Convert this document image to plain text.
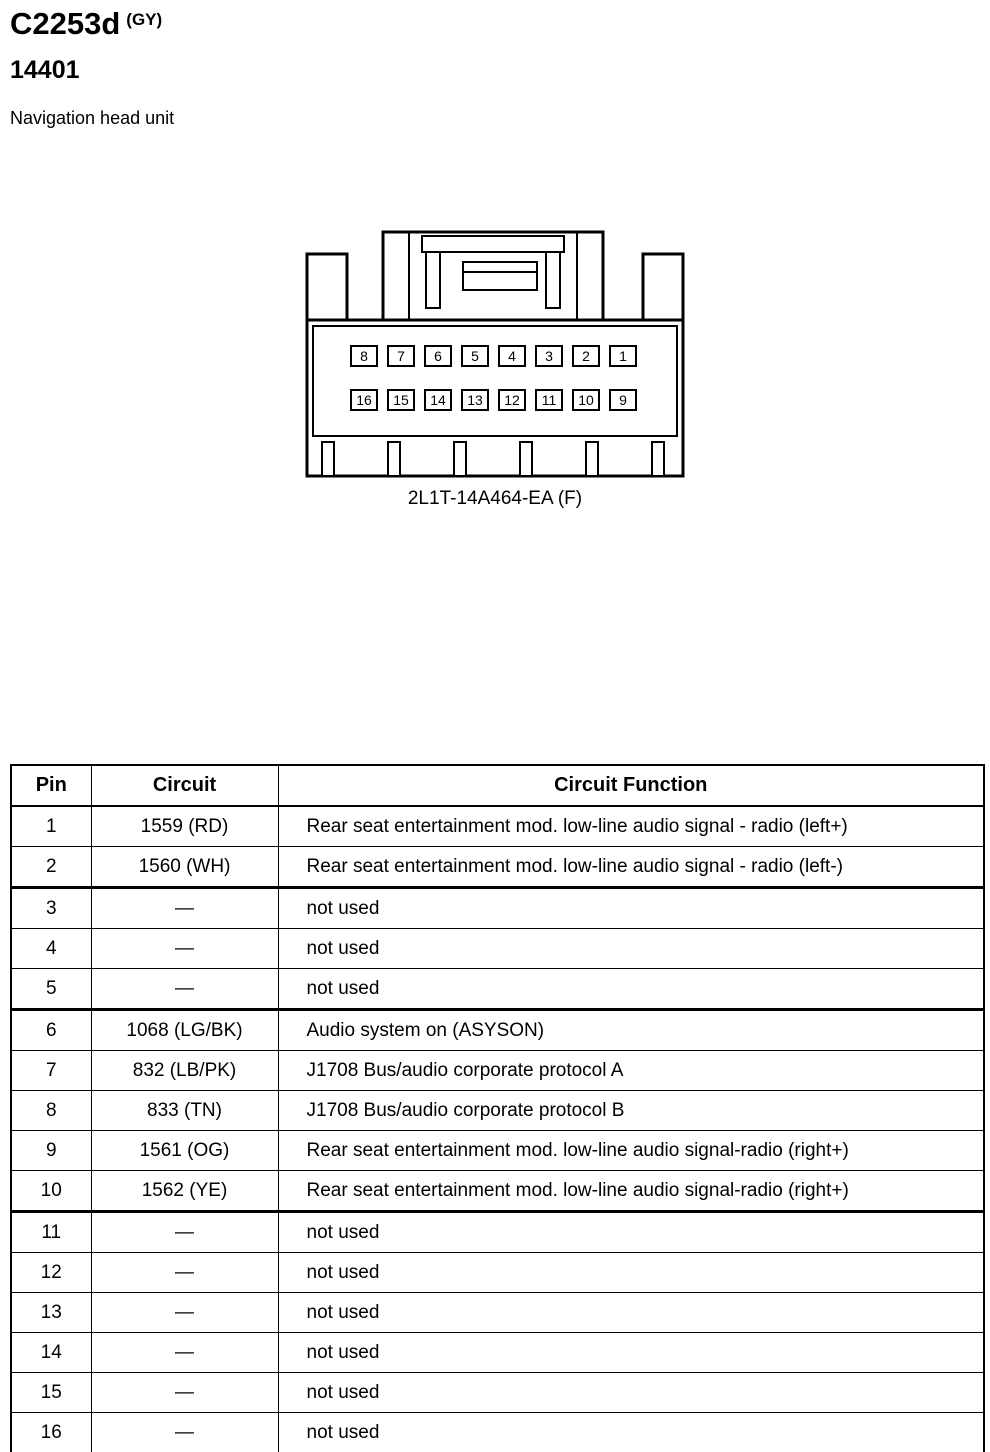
C2253d $^{(GY)}$
14401
Navigation head unit
8 7 6 5 4 3 2 1
16 15 14 13 12 11 10 9
2L1T-14A464-EA (F)
Pin	Circuit	Circuit Function
1	1559 (RD)	Rear seat entertainment mod. low-line audio signal - radio (left+)
2	1560 (WH)	Rear seat entertainment mod. low-line audio signal - radio (left-)
3	—	not used
4	—	not used
5	—	not used
6	1068 (LG/BK)	Audio system on (ASYSON)
7	832 (LB/PK)	J1708 Bus/audio corporate protocol A
8	833 (TN)	J1708 Bus/audio corporate protocol B
9	1561 (OG)	Rear seat entertainment mod. low-line audio signal-radio (right+)
10	1562 (YE)	Rear seat entertainment mod. low-line audio signal-radio (right+)
11	—	not used
12	—	not used
13	—	not used
14	—	not used
15	—	not used
16	—	not used
